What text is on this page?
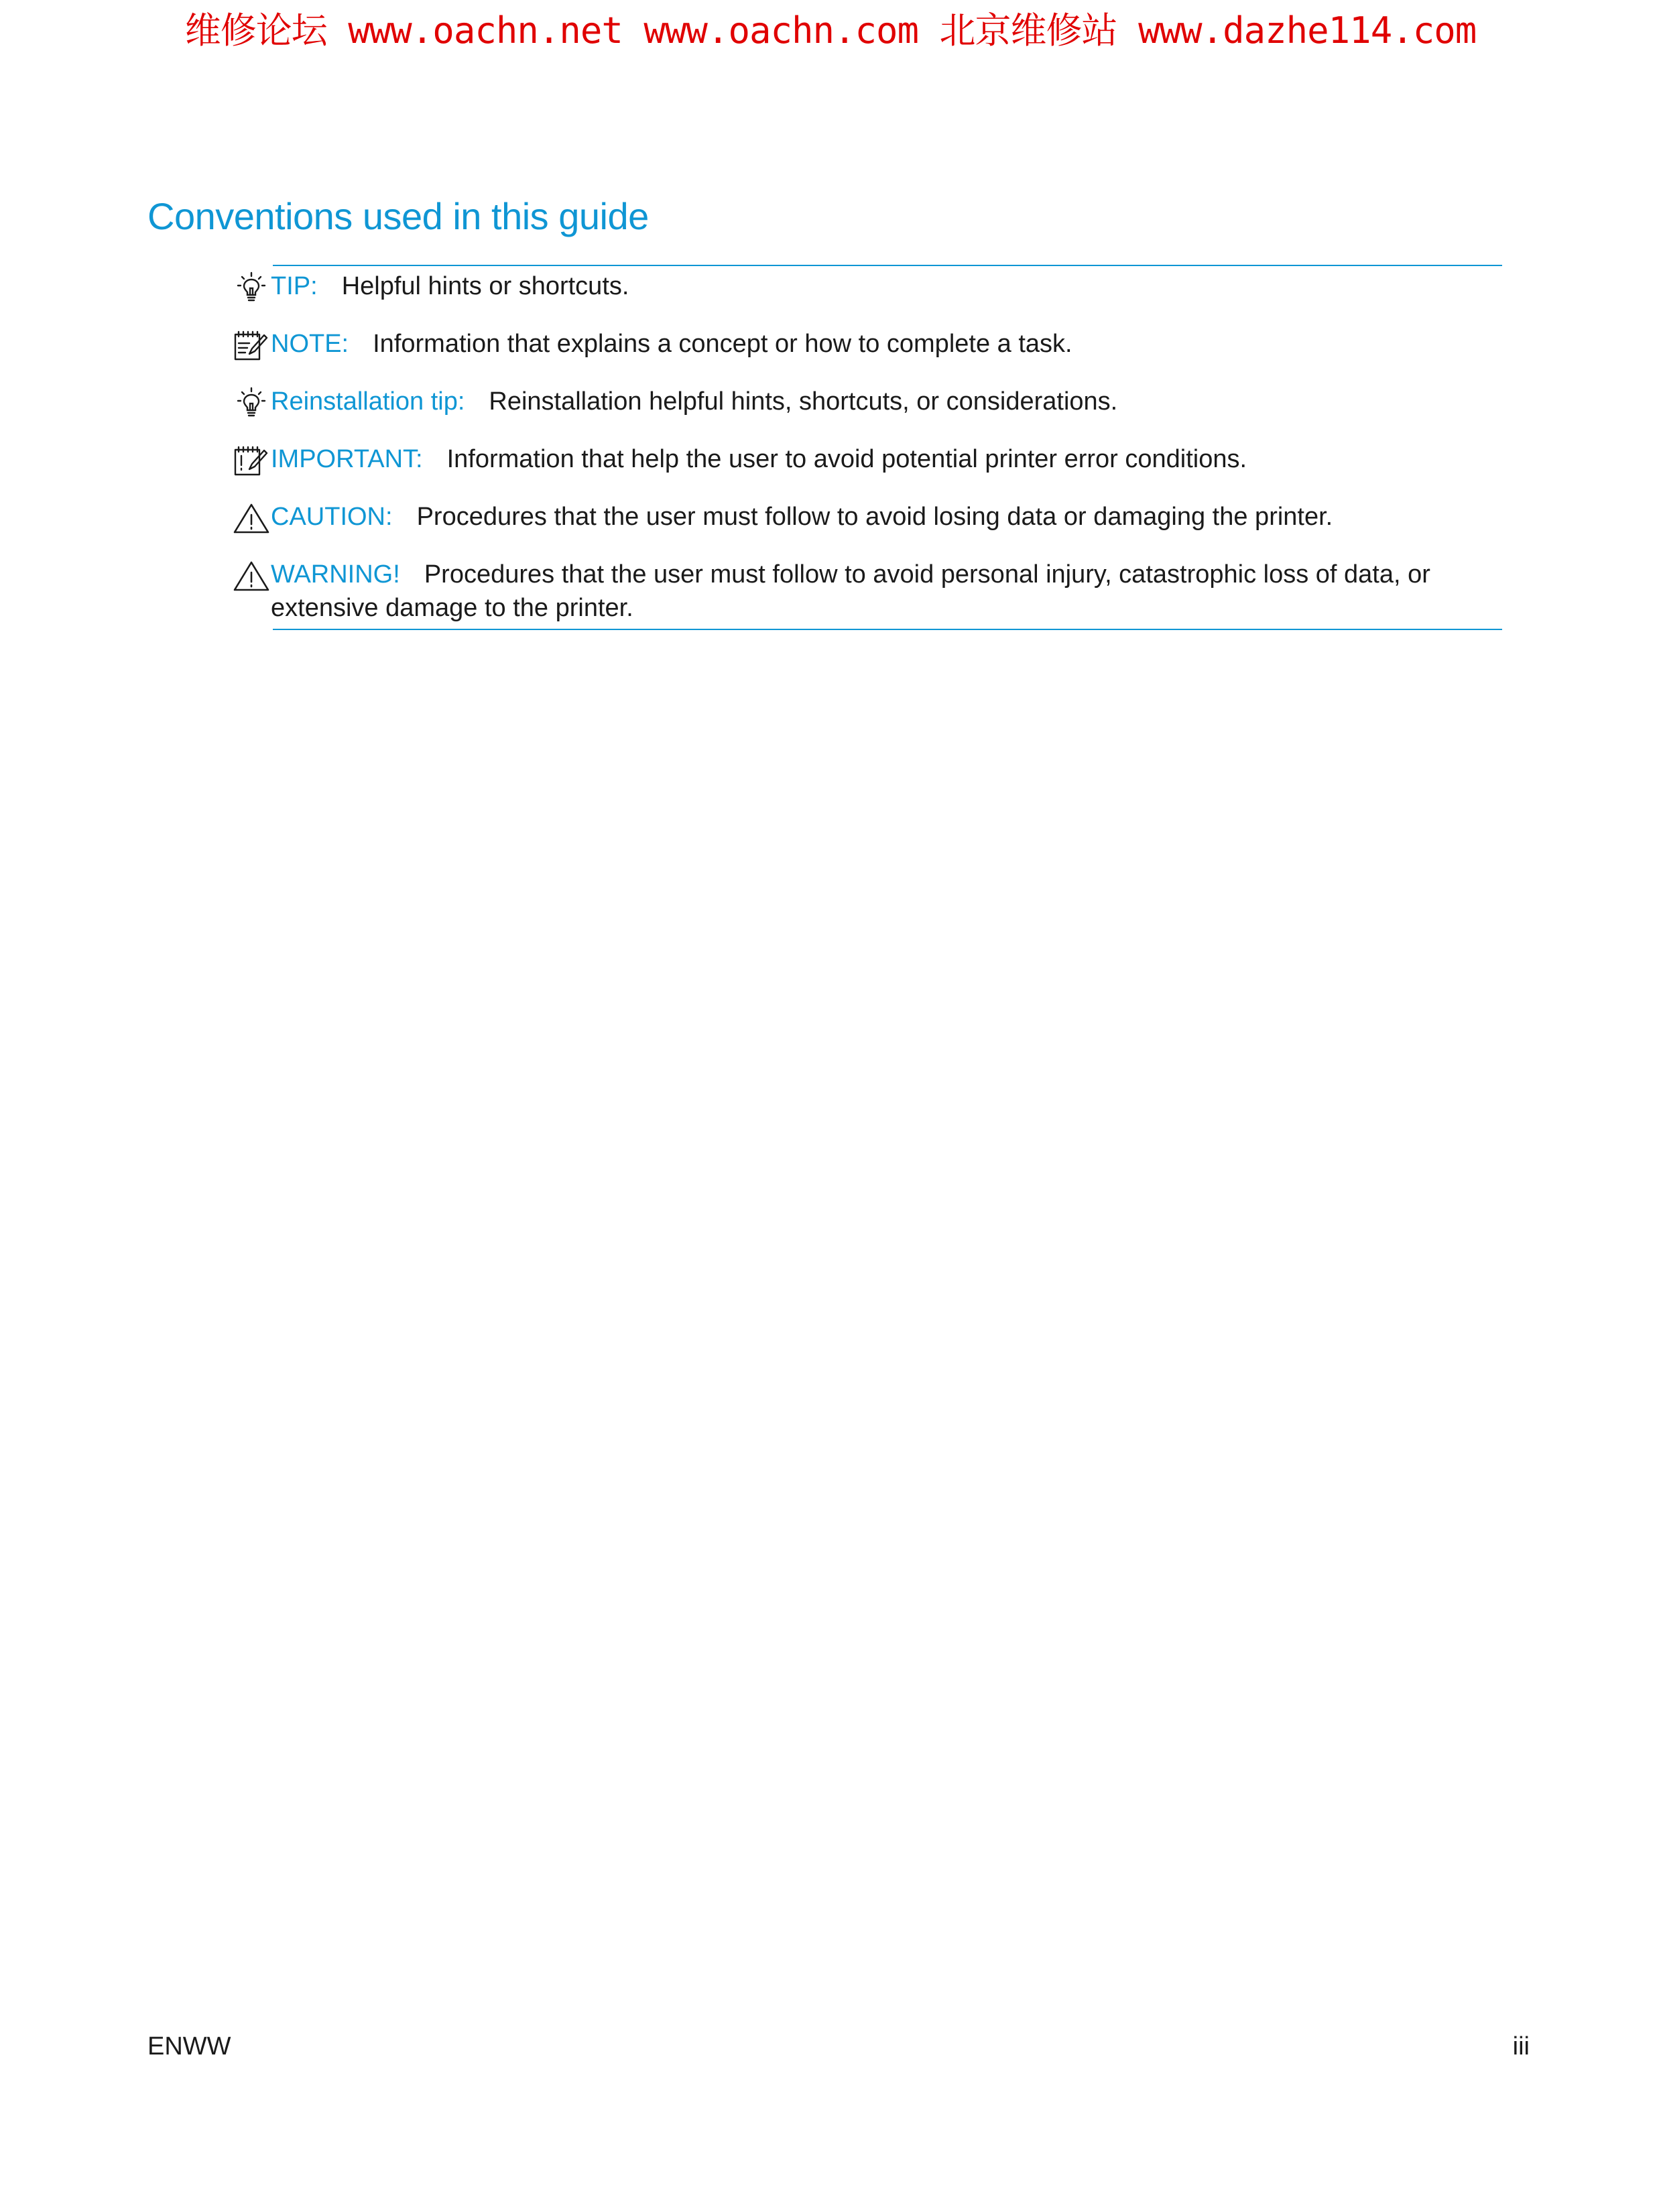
维修论坛 www.oachn.net www.oachn.com 北京维修站 www.dazhe114.com
Conventions used in this guide
TIP: Helpful hints or shortcuts.
NOTE: Information that explains a concept or how to complete a task.
Reinstallation tip: Reinstallation helpful hints, shortcuts, or considerations.
IMPORTANT: Information that help the user to avoid potential printer error conditions.
CAUTION: Procedures that the user must follow to avoid losing data or damaging the printer.
WARNING! Procedures that the user must follow to avoid personal injury, catastrophic loss of data, or extensive damage to the printer.
ENWW	iii
